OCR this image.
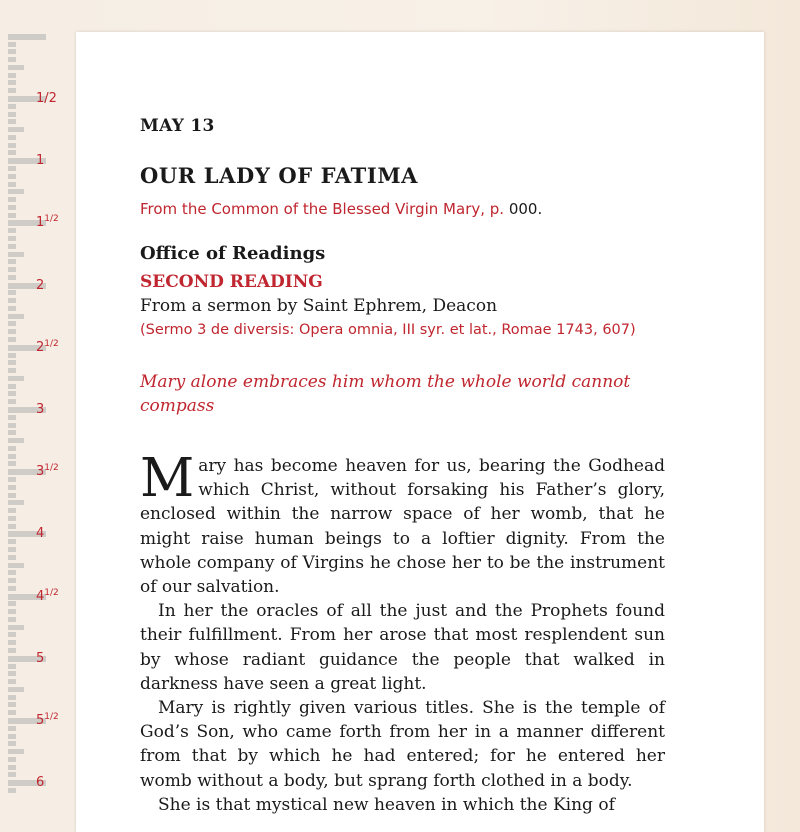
1/2
1
$1^{1/2}$
2
$2^{1/2}$
3
$3^{1/2}$
4
$4^{1/2}$
5
$5^{1/2}$
6
MAY 13
OUR LADY OF FATIMA
From the Common of the Blessed Virgin Mary, p. 000.
Office of Readings
SECOND READING
From a sermon by Saint Ephrem, Deacon
(Sermo 3 de diversis: Opera omnia, III syr. et lat., Romae 1743, 607)
Mary alone embraces him whom the whole world cannot compass

Mary has become heaven for us, bearing the Godhead which Christ, without forsaking his Father’s glory, enclosed within the narrow space of her womb, that he might raise human beings to a loftier dignity. From the whole company of Virgins he chose her to be the instrument of our salvation.

In her the oracles of all the just and the Prophets found their fulfillment. From her arose that most resplendent sun by whose radiant guidance the people that walked in darkness have seen a great light.

Mary is rightly given various titles. She is the temple of God’s Son, who came forth from her in a manner different from that by which he had entered; for he entered her womb without a body, but sprang forth clothed in a body.

She is that mystical new heaven in which the King of
